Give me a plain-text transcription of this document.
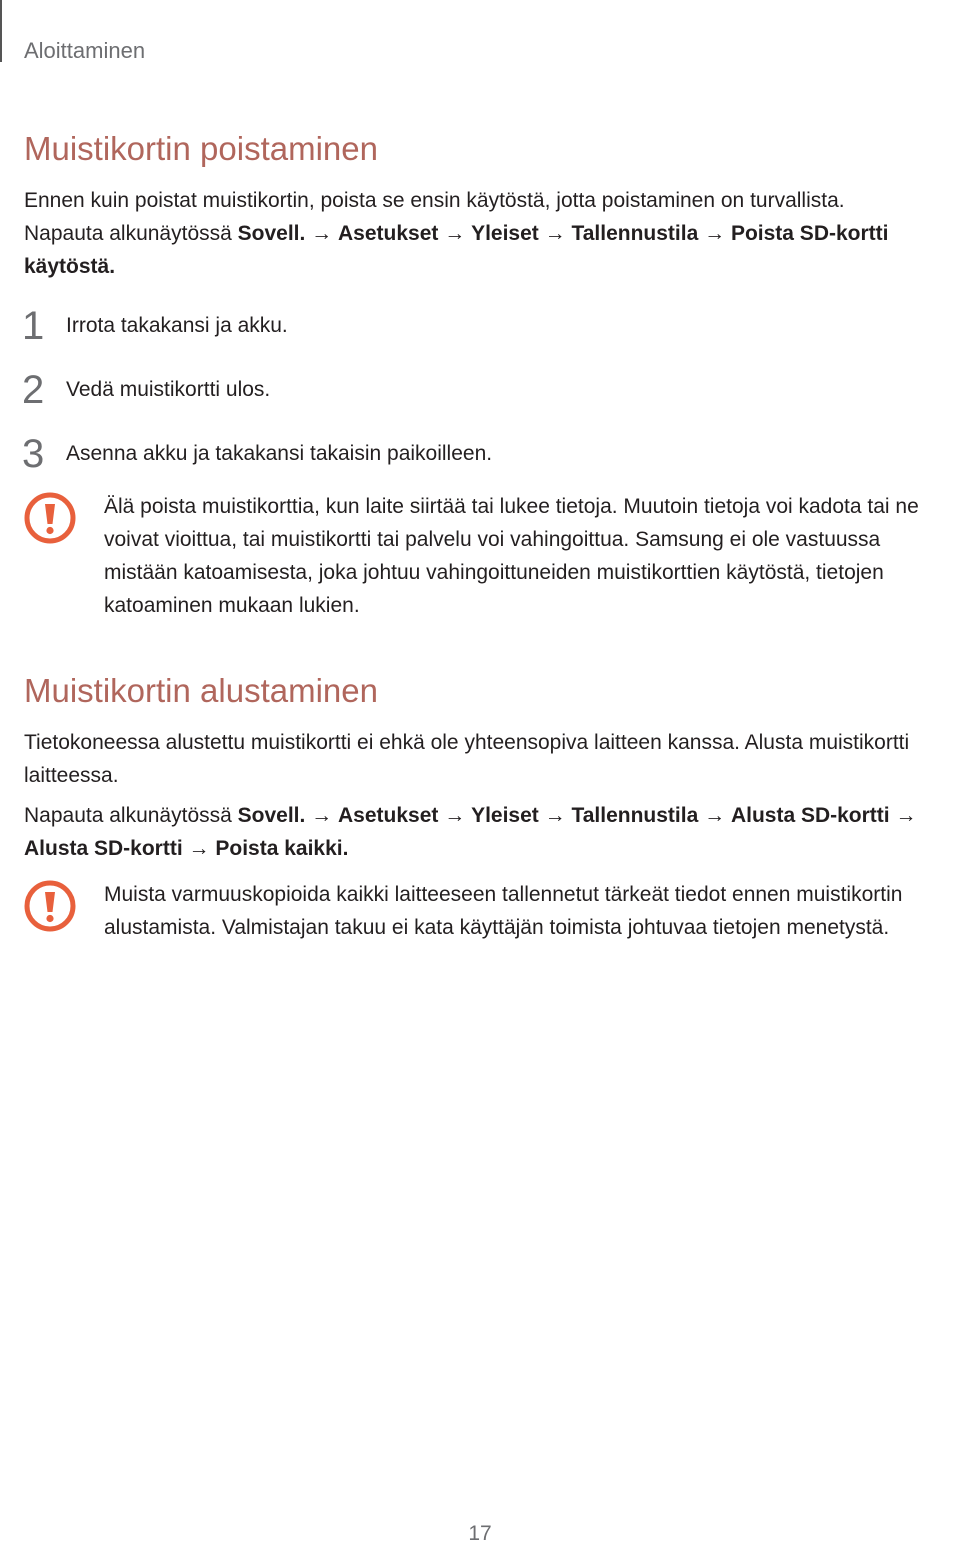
Aloittaminen
Muistikortin poistaminen

Ennen kuin poistat muistikortin, poista se ensin käytöstä, jotta poistaminen on turvallista.
Napauta alkunäytössä Sovell. → Asetukset → Yleiset → Tallennustila → Poista SD-kortti käytöstä.

1	Irrota takakansi ja akku.
2	Vedä muistikortti ulos.
3	Asenna akku ja takakansi takaisin paikoilleen.
Älä poista muistikorttia, kun laite siirtää tai lukee tietoja. Muutoin tietoja voi kadota tai ne voivat vioittua, tai muistikortti tai palvelu voi vahingoittua. Samsung ei ole vastuussa mistään katoamisesta, joka johtuu vahingoittuneiden muistikorttien käytöstä, tietojen katoaminen mukaan lukien.
Muistikortin alustaminen

Tietokoneessa alustettu muistikortti ei ehkä ole yhteensopiva laitteen kanssa. Alusta muistikortti laitteessa.

Napauta alkunäytössä Sovell. → Asetukset → Yleiset → Tallennustila → Alusta SD-kortti → Alusta SD-kortti → Poista kaikki.

Muista varmuuskopioida kaikki laitteeseen tallennetut tärkeät tiedot ennen muistikortin alustamista. Valmistajan takuu ei kata käyttäjän toimista johtuvaa tietojen menetystä.
17
